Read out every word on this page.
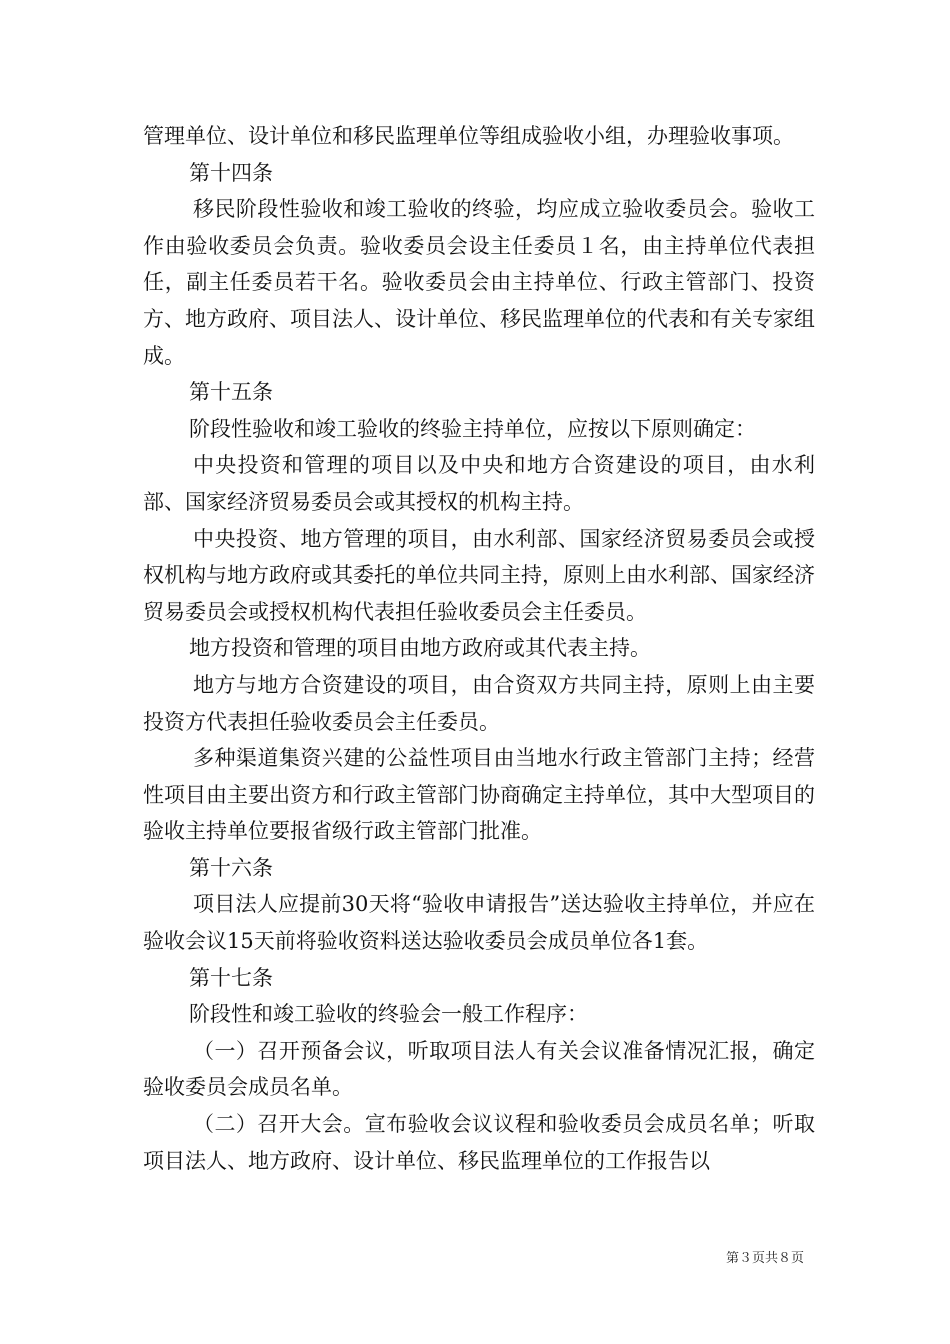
管理单位、设计单位和移民监理单位等组成验收小组，办理验收事项。

第十四条

移民阶段性验收和竣工验收的终验，均应成立验收委员会。验收工作由验收委员会负责。验收委员会设主任委员１名，由主持单位代表担任，副主任委员若干名。验收委员会由主持单位、行政主管部门、投资方、地方政府、项目法人、设计单位、移民监理单位的代表和有关专家组成。

第十五条

阶段性验收和竣工验收的终验主持单位，应按以下原则确定：

中央投资和管理的项目以及中央和地方合资建设的项目，由水利部、国家经济贸易委员会或其授权的机构主持。

中央投资、地方管理的项目，由水利部、国家经济贸易委员会或授权机构与地方政府或其委托的单位共同主持，原则上由水利部、国家经济贸易委员会或授权机构代表担任验收委员会主任委员。

地方投资和管理的项目由地方政府或其代表主持。

地方与地方合资建设的项目，由合资双方共同主持，原则上由主要投资方代表担任验收委员会主任委员。

多种渠道集资兴建的公益性项目由当地水行政主管部门主持；经营性项目由主要出资方和行政主管部门协商确定主持单位，其中大型项目的验收主持单位要报省级行政主管部门批准。

第十六条

项目法人应提前30天将“验收申请报告”送达验收主持单位，并应在验收会议15天前将验收资料送达验收委员会成员单位各1套。

第十七条

阶段性和竣工验收的终验会一般工作程序：

（一）召开预备会议，听取项目法人有关会议准备情况汇报，确定验收委员会成员名单。

（二）召开大会。宣布验收会议议程和验收委员会成员名单；听取项目法人、地方政府、设计单位、移民监理单位的工作报告以

第３页共８页
